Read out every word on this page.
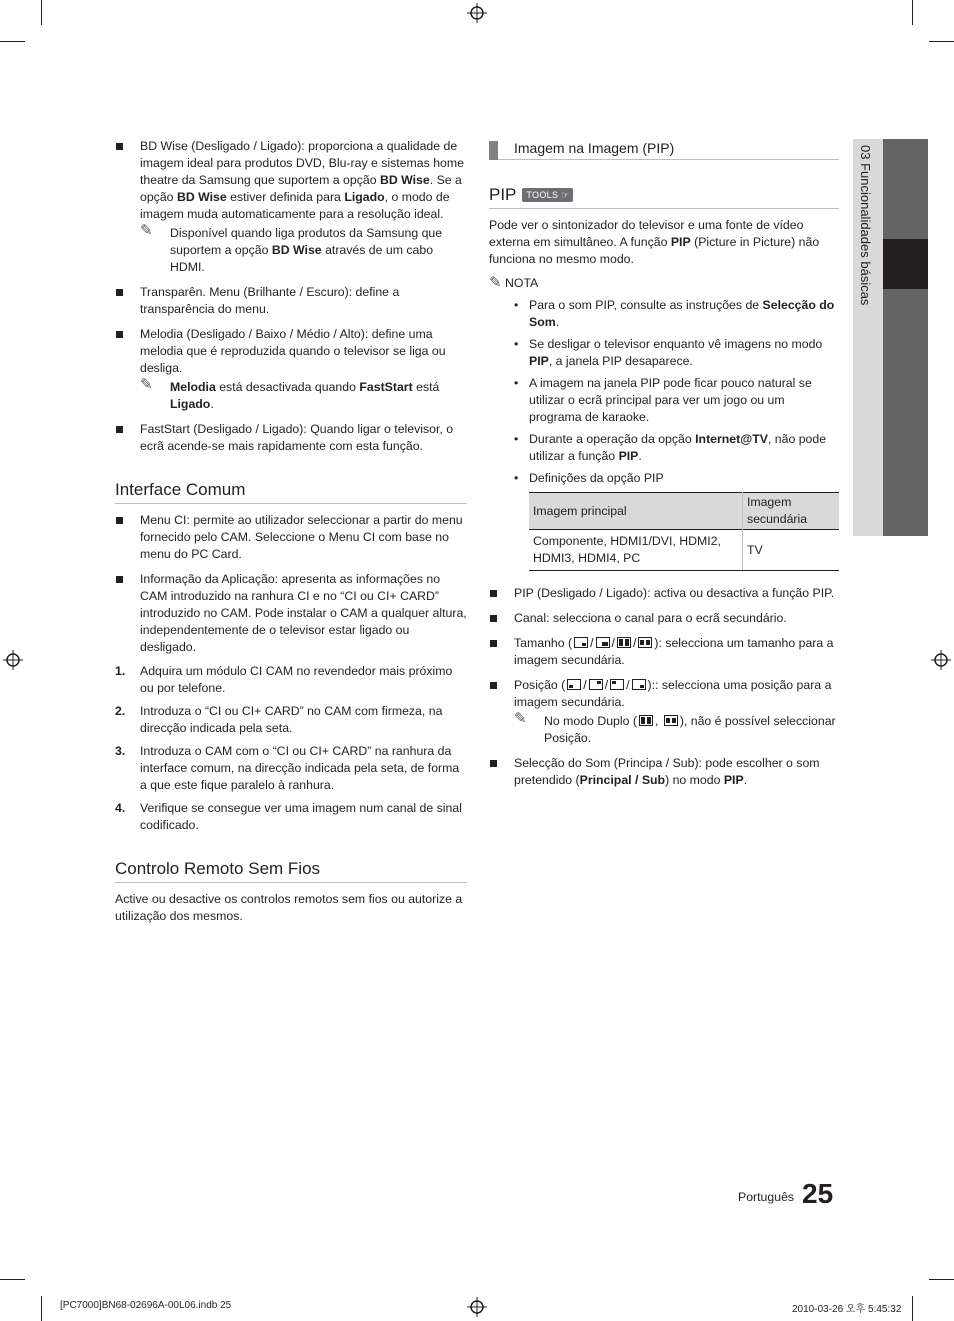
03 Funcionalidades básicas
BD Wise (Desligado / Ligado): proporciona a qualidade de imagem ideal para produtos DVD, Blu-ray e sistemas home theatre da Samsung que suportem a opção BD Wise. Se a opção BD Wise estiver definida para Ligado, o modo de imagem muda automaticamente para a resolução ideal.
✎ Disponível quando liga produtos da Samsung que suportem a opção BD Wise através de um cabo HDMI.
Transparên. Menu (Brilhante / Escuro): define a transparência do menu.
Melodia (Desligado / Baixo / Médio / Alto): define uma melodia que é reproduzida quando o televisor se liga ou desliga.
✎ Melodia está desactivada quando FastStart está Ligado.
FastStart (Desligado / Ligado): Quando ligar o televisor, o ecrã acende-se mais rapidamente com esta função.
Interface Comum
Menu CI: permite ao utilizador seleccionar a partir do menu fornecido pelo CAM. Seleccione o Menu CI com base no menu do PC Card.
Informação da Aplicação: apresenta as informações no CAM introduzido na ranhura CI e no “CI ou CI+ CARD” introduzido no CAM. Pode instalar o CAM a qualquer altura, independentemente de o televisor estar ligado ou desligado.
1. Adquira um módulo CI CAM no revendedor mais próximo ou por telefone.
2. Introduza o “CI ou CI+ CARD” no CAM com firmeza, na direcção indicada pela seta.
3. Introduza o CAM com o “CI ou CI+ CARD” na ranhura da interface comum, na direcção indicada pela seta, de forma a que este fique paralelo à ranhura.
4. Verifique se consegue ver uma imagem num canal de sinal codificado.
Controlo Remoto Sem Fios
Active ou desactive os controlos remotos sem fios ou autorize a utilização dos mesmos.
Imagem na Imagem (PIP)
PIP	TOOLS ☞
Pode ver o sintonizador do televisor e uma fonte de vídeo externa em simultâneo. A função PIP (Picture in Picture) não funciona no mesmo modo.
✎ NOTA
• Para o som PIP, consulte as instruções de Selecção do Som.
• Se desligar o televisor enquanto vê imagens no modo PIP, a janela PIP desaparece.
• A imagem na janela PIP pode ficar pouco natural se utilizar o ecrã principal para ver um jogo ou um programa de karaoke.
• Durante a operação da opção Internet@TV, não pode utilizar a função PIP.
• Definições da opção PIP
Imagem principal	Imagem secundária
Componente, HDMI1/DVI, HDMI2, HDMI3, HDMI4, PC	TV
PIP (Desligado / Ligado): activa ou desactiva a função PIP.
Canal: selecciona o canal para o ecrã secundário.
Tamanho ( / / / ): selecciona um tamanho para a imagem secundária.
Posição ( / / / ):: selecciona uma posição para a imagem secundária.
✎ No modo Duplo ( ,
), não é possível seleccionar Posição.
Selecção do Som (Principa / Sub): pode escolher o som pretendido (Principal / Sub) no modo PIP.
Português 25
[PC7000]BN68-02696A-00L06.indb 25	2010-03-26 오후 5:45:32
